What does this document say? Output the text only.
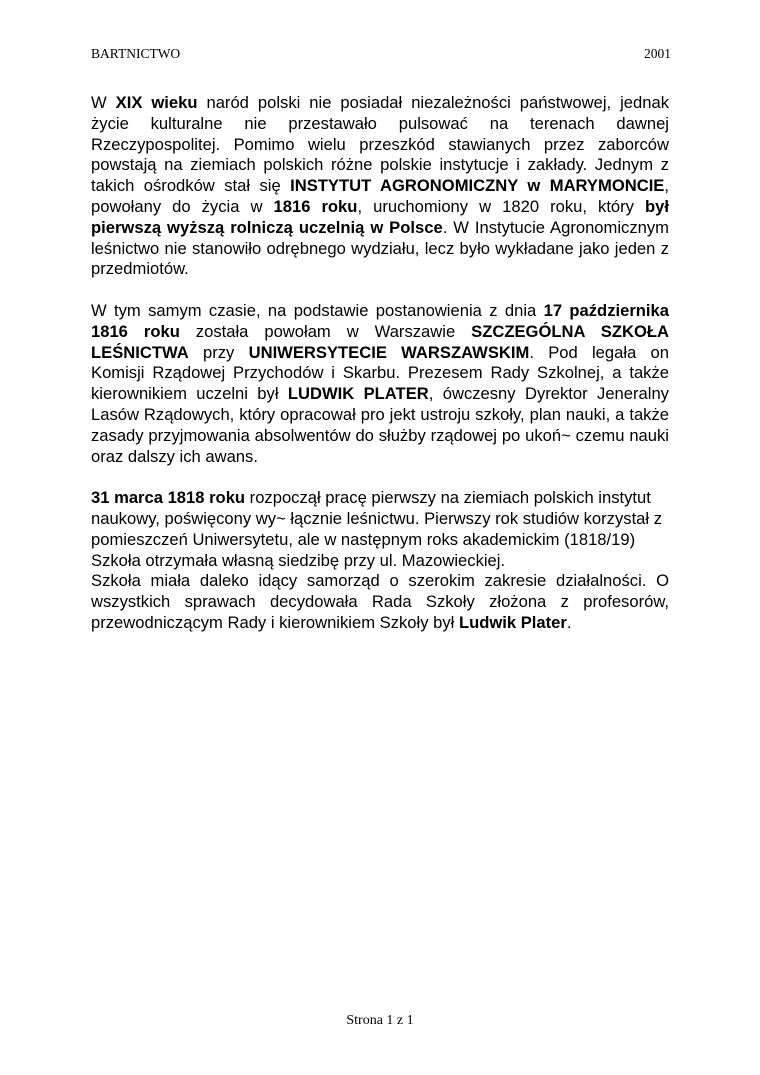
BARTNICTWO	2001

W XIX wieku naród polski nie posiadał niezależności państwowej, jednak życie kulturalne nie przestawało pulsować na terenach dawnej Rzeczypospolitej. Pomimo wielu przeszkód stawianych przez zaborców powstają na ziemiach polskich różne polskie instytucje i zakłady. Jednym z takich ośrodków stał się INSTYTUT AGRONOMICZNY w MARYMONCIE, powołany do życia w 1816 roku, uruchomiony w 1820 roku, który był pierwszą wyższą rolniczą uczelnią w Polsce. W Instytucie Agronomicznym leśnictwo nie stanowiło odrębnego wydziału, lecz było wykładane jako jeden z przedmiotów.

W tym samym czasie, na podstawie postanowienia z dnia 17 października 1816 roku została powołam w Warszawie SZCZEGÓLNA SZKOŁA LEŚNICTWA przy UNIWERSYTECIE WARSZAWSKIM. Pod legała on Komisji Rządowej Przychodów i Skarbu. Prezesem Rady Szkolnej, a także kierownikiem uczelni był LUDWIK PLATER, ówczesny Dyrektor Jeneralny Lasów Rządowych, który opracował pro jekt ustroju szkoły, plan nauki, a także zasady przyjmowania absolwentów do służby rządowej po ukoń~ czemu nauki oraz dalszy ich awans.

31 marca 1818 roku rozpoczął pracę pierwszy na ziemiach polskich instytut naukowy, poświęcony wy~ łącznie leśnictwu. Pierwszy rok studiów korzystał z pomieszczeń Uniwersytetu, ale w następnym roks akademickim (1818/19) Szkoła otrzymała własną siedzibę przy ul. Mazowieckiej.

Szkoła miała daleko idący samorząd o szerokim zakresie działalności. O wszystkich sprawach decydowała Rada Szkoły złożona z profesorów, przewodniczącym Rady i kierownikiem Szkoły był Ludwik Plater.

Strona 1 z 1
